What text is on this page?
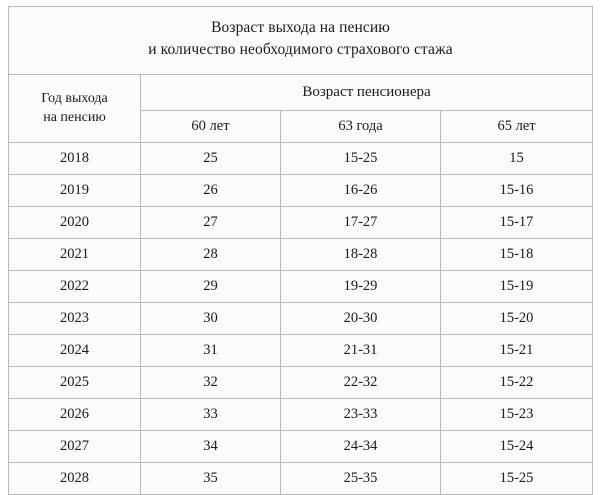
Возраст выхода на пенсию
и количество необходимого страхового стажа			

Год выхода
на пенсию	Возраст пенсионера		
	60 лет	63 года	65 лет
2018	25	15-25	15
2019	26	16-26	15-16
2020	27	17-27	15-17
2021	28	18-28	15-18
2022	29	19-29	15-19
2023	30	20-30	15-20
2024	31	21-31	15-21
2025	32	22-32	15-22
2026	33	23-33	15-23
2027	34	24-34	15-24
2028	35	25-35	15-25
